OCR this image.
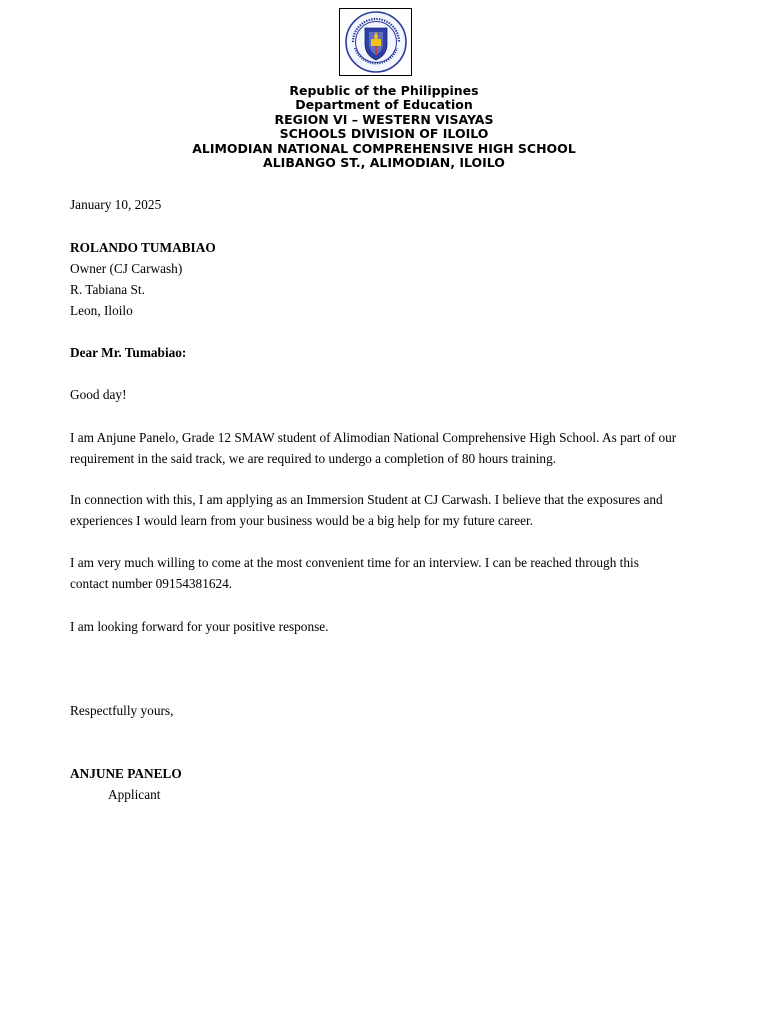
Republic of the Philippines
Department of Education
REGION VI – WESTERN VISAYAS
SCHOOLS DIVISION OF ILOILO
ALIMODIAN NATIONAL COMPREHENSIVE HIGH SCHOOL
ALIBANGO ST., ALIMODIAN, ILOILO

January 10, 2025

ROLANDO TUMABIAO

Owner (CJ Carwash)

R. Tabiana St.

Leon, Iloilo

Dear Mr. Tumabiao:

Good day!

I am Anjune Panelo, Grade 12 SMAW student of Alimodian National Comprehensive High School. As part of our requirement in the said track, we are required to undergo a completion of 80 hours training.

In connection with this, I am applying as an Immersion Student at CJ Carwash. I believe that the exposures and experiences I would learn from your business would be a big help for my future career.

I am very much willing to come at the most convenient time for an interview. I can be reached through this contact number 09154381624.

I am looking forward for your positive response.

Respectfully yours,

ANJUNE PANELO

Applicant
